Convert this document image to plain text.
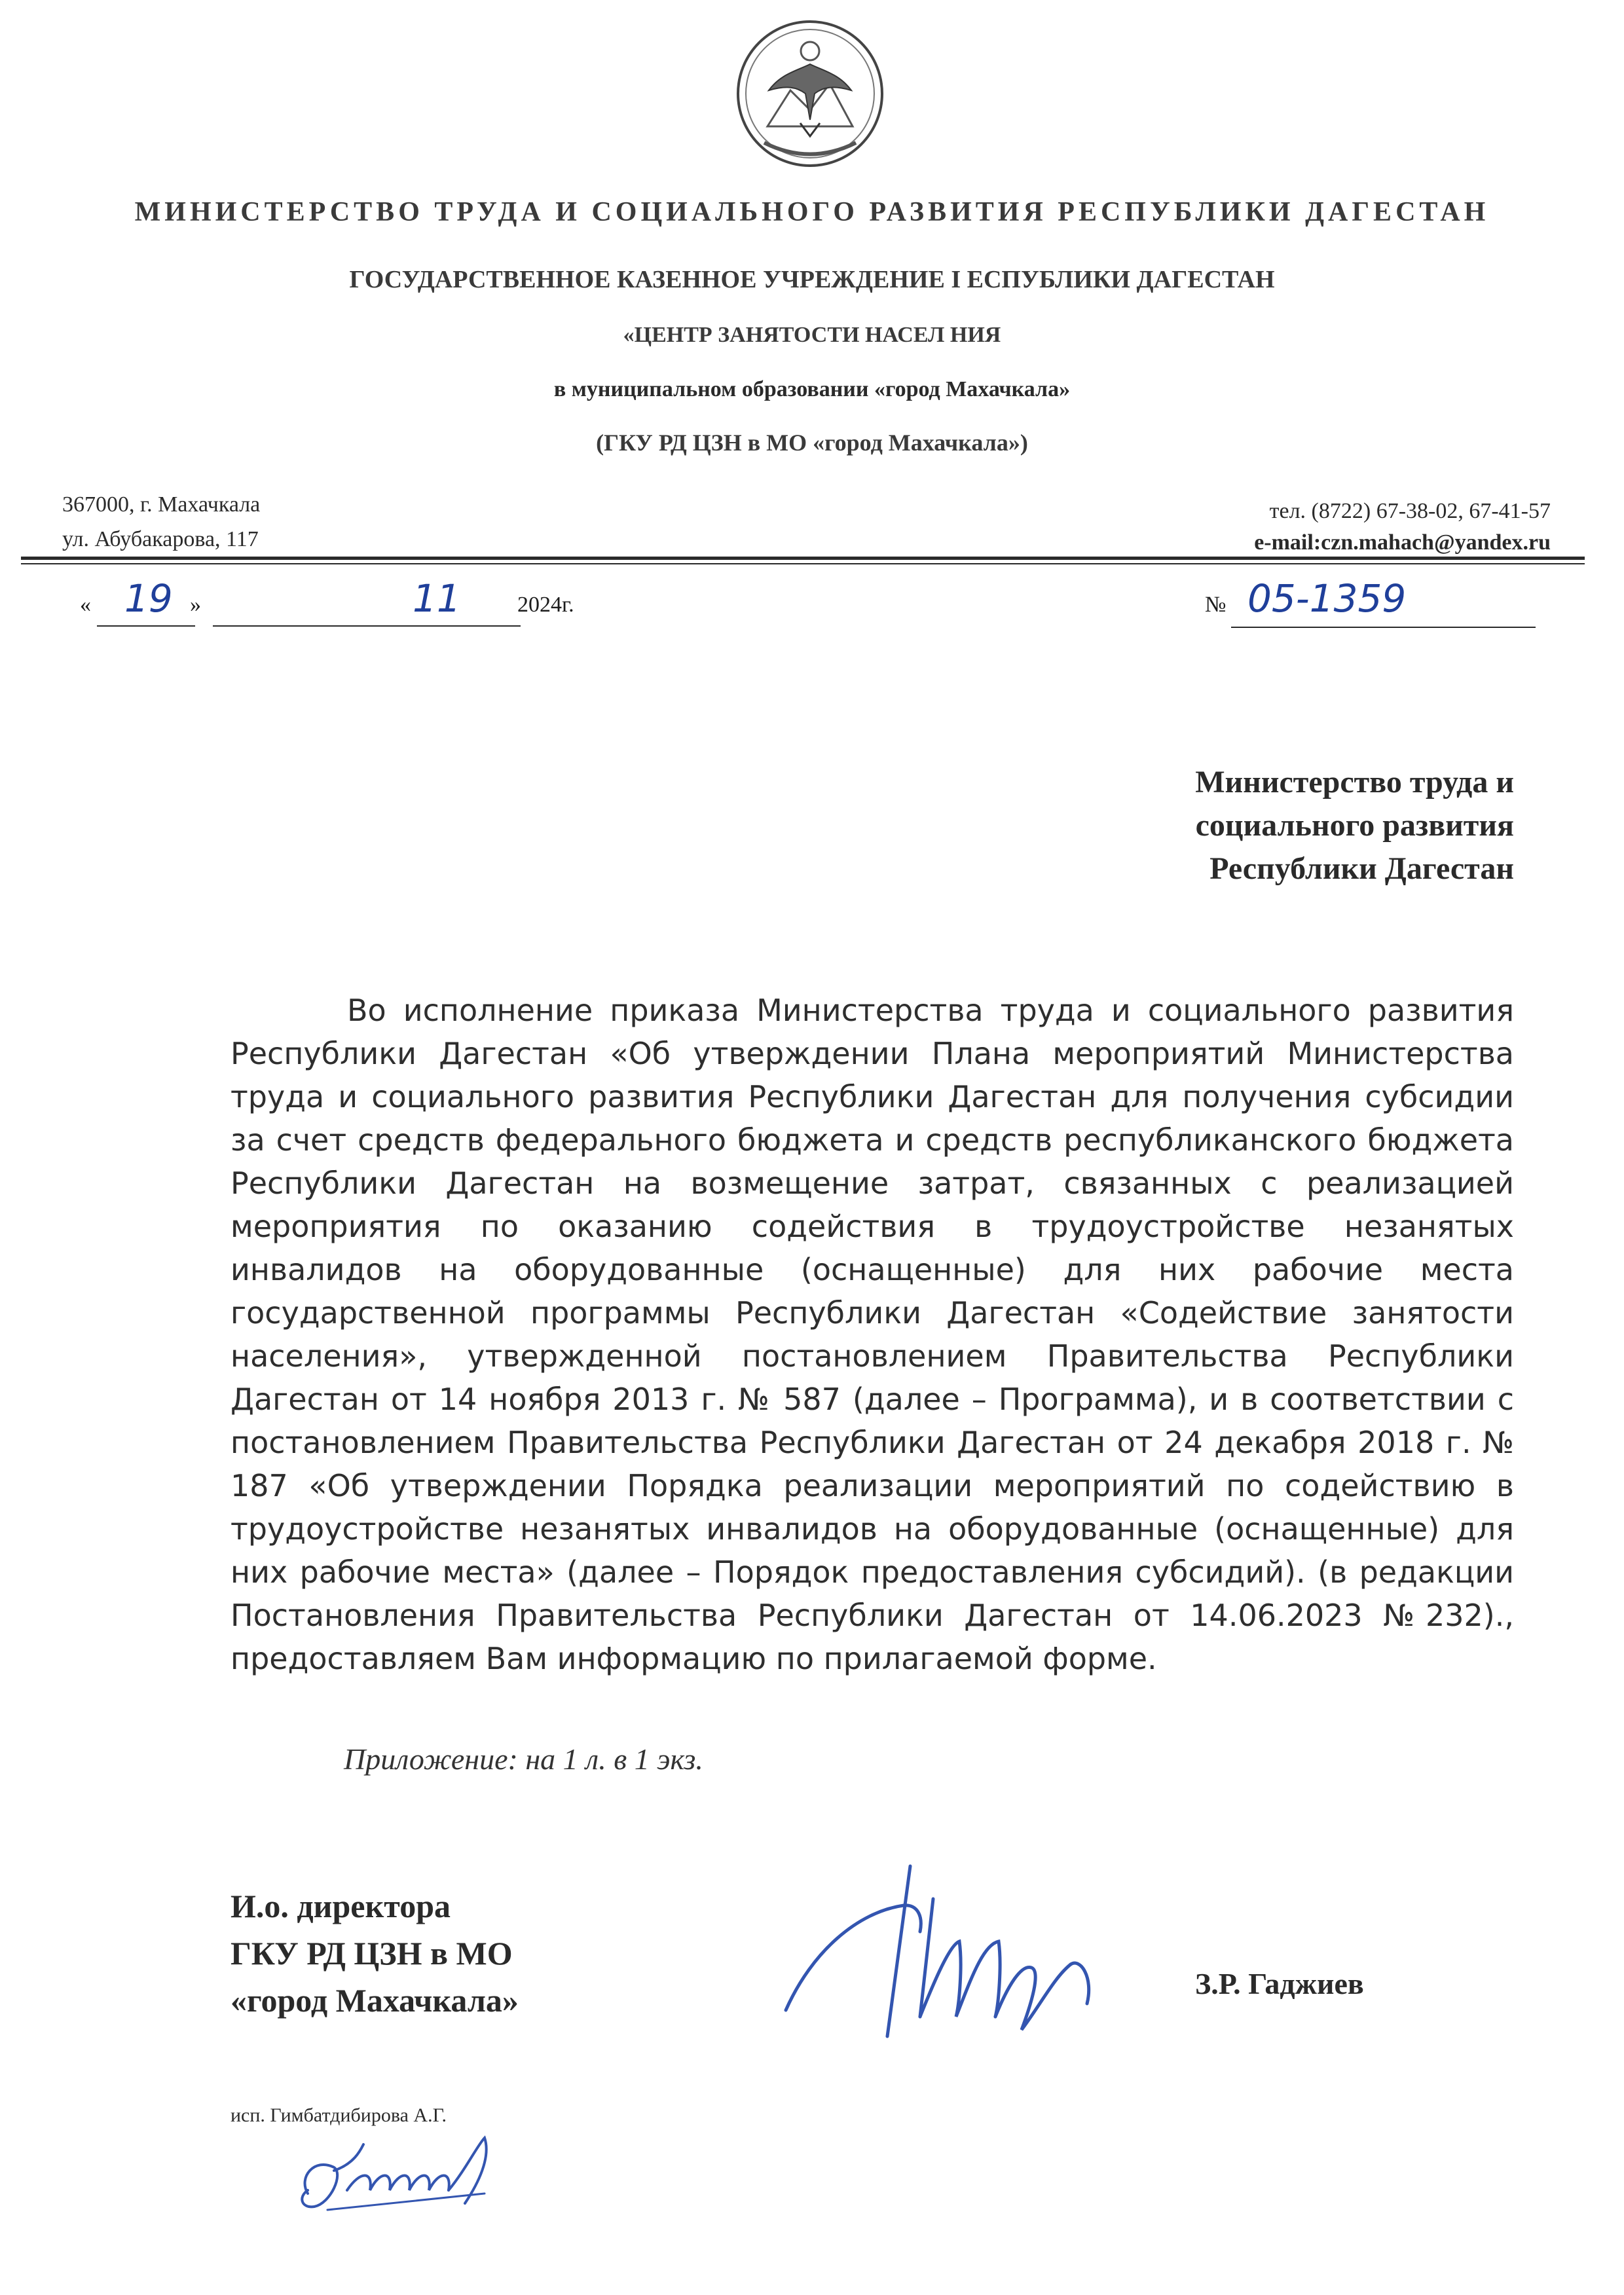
МИНИСТЕРСТВО ТРУДА И СОЦИАЛЬНОГО РАЗВИТИЯ РЕСПУБЛИКИ ДАГЕСТАН
ГОСУДАРСТВЕННОЕ КАЗЕННОЕ УЧРЕЖДЕНИЕ I ЕСПУБЛИКИ ДАГЕСТАН
«ЦЕНТР ЗАНЯТОСТИ НАСЕЛ НИЯ
в муниципальном образовании «город Махачкала»
(ГКУ РД ЦЗН в МО «город Махачкала»)
367000, г. Махачкала
ул. Абубакарова, 117
тел. (8722) 67-38-02, 67-41-57
e-mail:czn.mahach@yandex.ru
« 19 »	11	2024г.	№ 05-1359
Министерство труда и
социального развития
Республики Дагестан
Во исполнение приказа Министерства труда и социального развития Республики Дагестан «Об утверждении Плана мероприятий Министерства труда и социального развития Республики Дагестан для получения субсидии за счет средств федерального бюджета и средств республиканского бюджета Республики Дагестан на возмещение затрат, связанных с реализацией мероприятия по оказанию содействия в трудоустройстве незанятых инвалидов на оборудованные (оснащенные) для них рабочие места государственной программы Республики Дагестан «Содействие занятости населения», утвержденной постановлением Правительства Республики Дагестан от 14 ноября 2013 г. № 587 (далее – Программа), и в соответствии с постановлением Правительства Республики Дагестан от 24 декабря 2018 г. № 187 «Об утверждении Порядка реализации мероприятий по содействию в трудоустройстве незанятых инвалидов на оборудованные (оснащенные) для них рабочие места» (далее – Порядок предоставления субсидий). (в редакции Постановления Правительства Республики Дагестан от 14.06.2023 №232)., предоставляем Вам информацию по прилагаемой форме.
Приложение: на 1 л. в 1 экз.
И.о. директора
ГКУ РД ЦЗН в МО
«город Махачкала»	З.Р. Гаджиев
исп. Гимбатдибирова А.Г.
